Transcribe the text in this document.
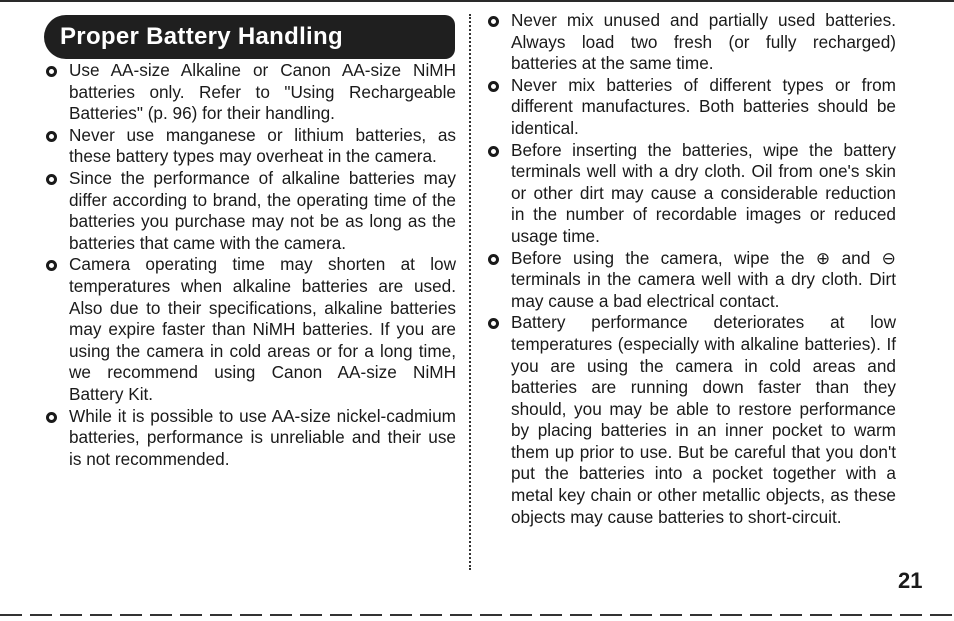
Proper Battery Handling
Use AA-size Alkaline or Canon AA-size NiMH batteries only. Refer to "Using Rechargeable Batteries" (p. 96) for their handling.
Never use manganese or lithium batteries, as these battery types may overheat in the camera.
Since the performance of alkaline batteries may differ according to brand, the operating time of the batteries you purchase may not be as long as the batteries that came with the camera.
Camera operating time may shorten at low temperatures when alkaline batteries are used. Also due to their specifications, alkaline batteries may expire faster than NiMH batteries. If you are using the camera in cold areas or for a long time, we recommend using Canon AA-size NiMH Battery Kit.
While it is possible to use AA-size nickel-cadmium batteries, performance is unreliable and their use is not recommended.
Never mix unused and partially used batteries. Always load two fresh (or fully recharged) batteries at the same time.
Never mix batteries of different types or from different manufactures. Both batteries should be identical.
Before inserting the batteries, wipe the battery terminals well with a dry cloth. Oil from one's skin or other dirt may cause a considerable reduction in the number of recordable images or reduced usage time.
Before using the camera, wipe the ⊕ and ⊖ terminals in the camera well with a dry cloth. Dirt may cause a bad electrical contact.
Battery performance deteriorates at low temperatures (especially with alkaline batteries). If you are using the camera in cold areas and batteries are running down faster than they should, you may be able to restore performance by placing batteries in an inner pocket to warm them up prior to use. But be careful that you don't put the batteries into a pocket together with a metal key chain or other metallic objects, as these objects may cause batteries to short-circuit.
21
